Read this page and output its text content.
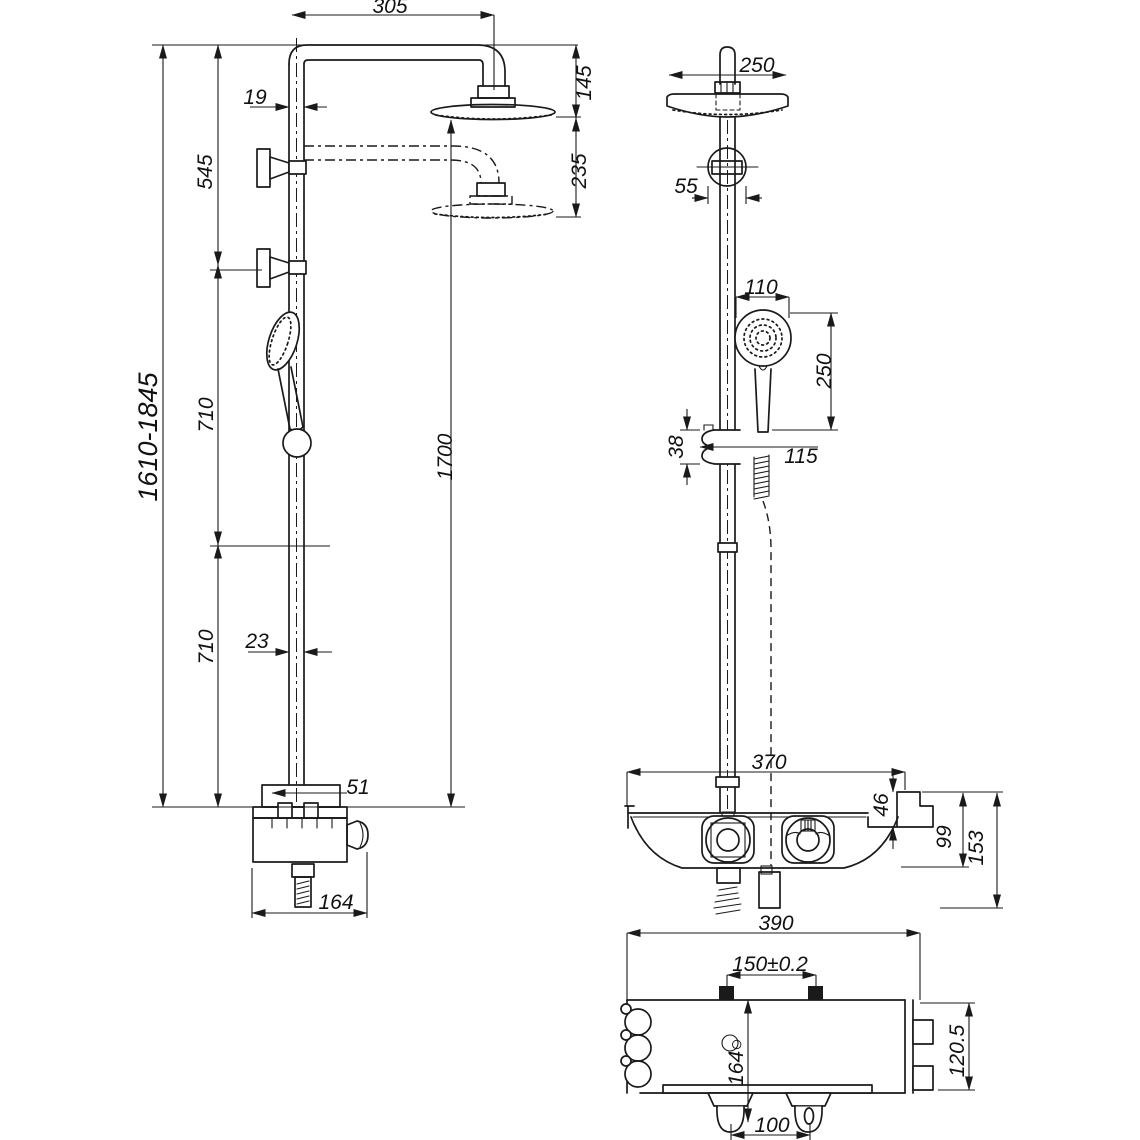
305
19
545
1610-1845 710
710
1700
145
235
23
51
164
250
55
110
250
38	115
370
46
99 153
390
150±0.2
164○
100
120.5
